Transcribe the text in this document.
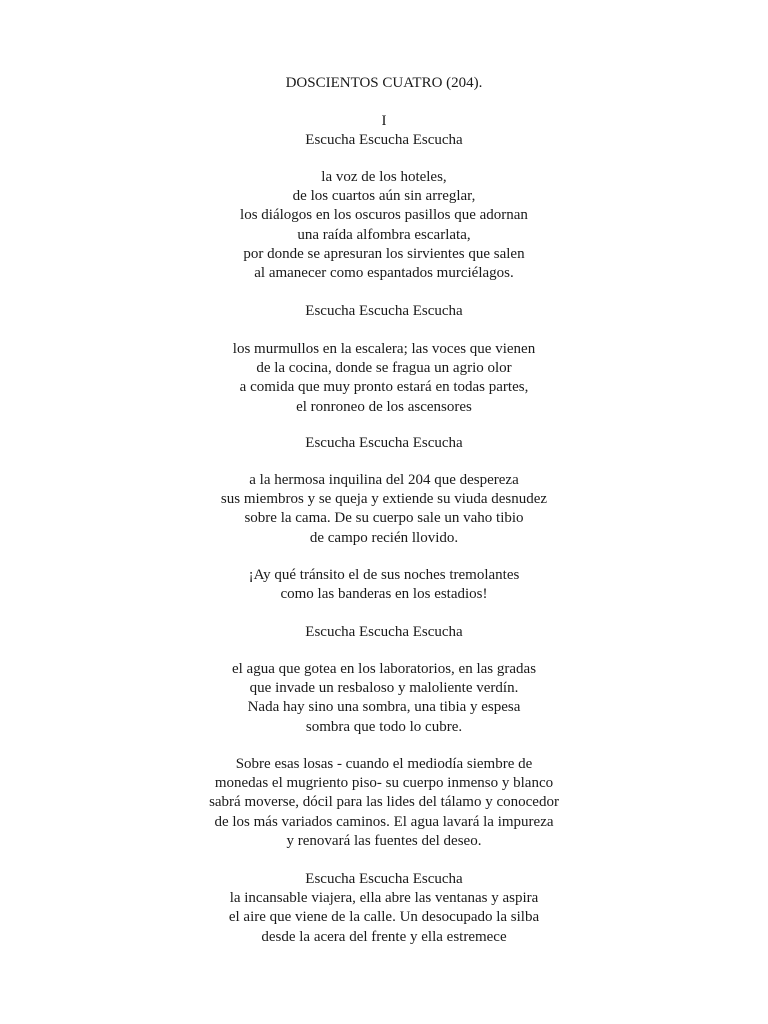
DOSCIENTOS CUATRO (204).
I
Escucha Escucha Escucha
la voz de los hoteles,
de los cuartos aún sin arreglar,
los diálogos en los oscuros pasillos que adornan
una raída alfombra escarlata,
por donde se apresuran los sirvientes que salen
al amanecer como espantados murciélagos.
Escucha Escucha Escucha
los murmullos en la escalera; las voces que vienen
de la cocina, donde se fragua un agrio olor
a comida que muy pronto estará en todas partes,
el ronroneo de los ascensores
Escucha Escucha Escucha
a la hermosa inquilina del 204 que despereza
sus miembros y se queja y extiende su viuda desnudez
sobre la cama. De su cuerpo sale un vaho tibio
de campo recién llovido.
¡Ay qué tránsito el de sus noches tremolantes
como las banderas en los estadios!
Escucha Escucha Escucha
el agua que gotea en los laboratorios, en las gradas
que invade un resbaloso y maloliente verdín.
Nada hay sino una sombra, una tibia y espesa
sombra que todo lo cubre.
Sobre esas losas - cuando el mediodía siembre de
monedas el mugriento piso- su cuerpo inmenso y blanco
sabrá moverse, dócil para las lides del tálamo y conocedor
de los más variados caminos. El agua lavará la impureza
y renovará las fuentes del deseo.
Escucha Escucha Escucha
la incansable viajera, ella abre las ventanas y aspira
el aire que viene de la calle. Un desocupado la silba
desde la acera del frente y ella estremece
